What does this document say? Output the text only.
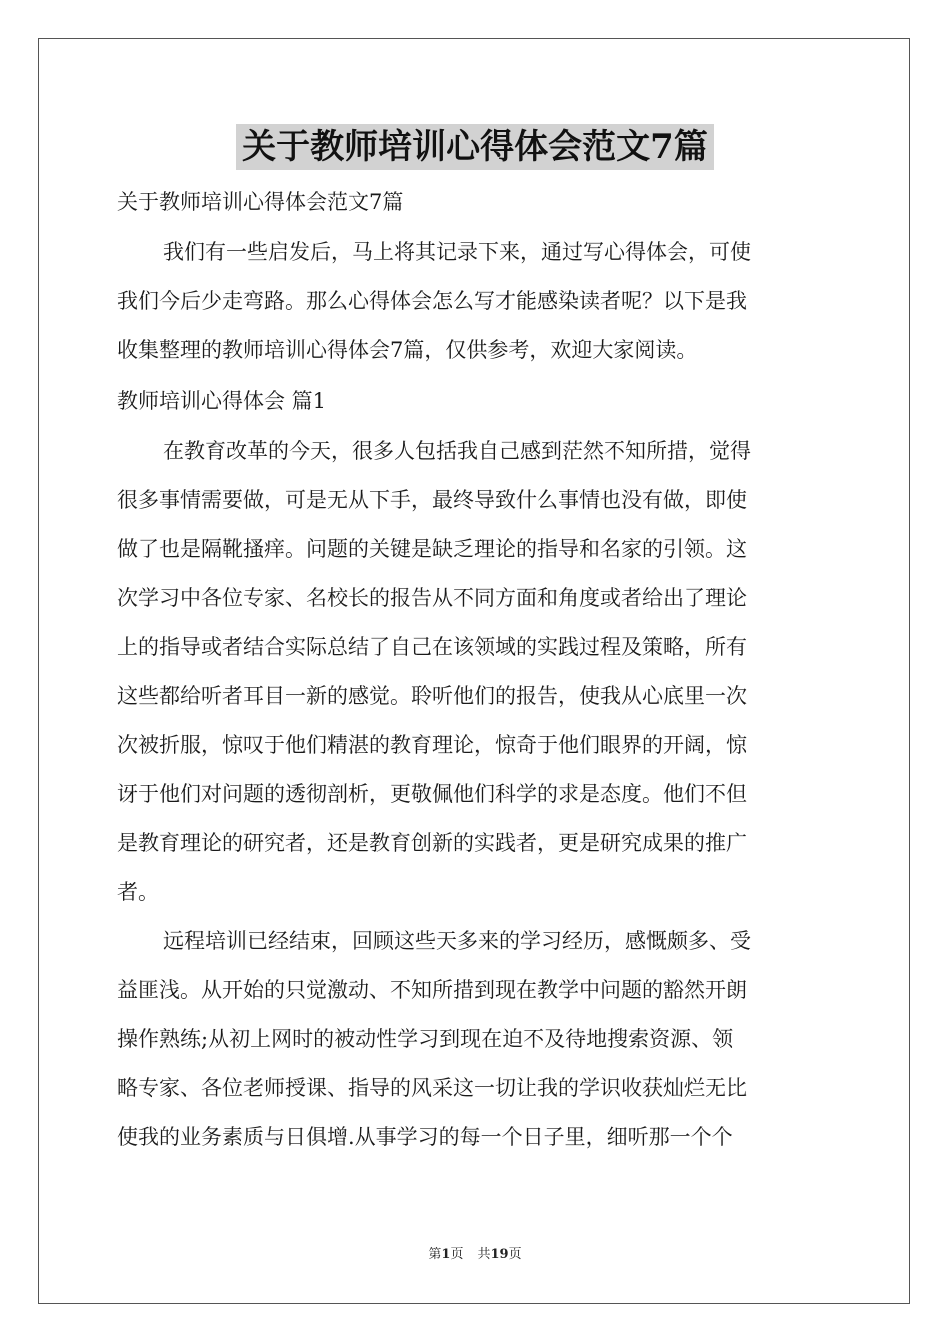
关于教师培训心得体会范文7篇
关于教师培训心得体会范文7篇
我们有一些启发后，马上将其记录下来，通过写心得体会，可使
我们今后少走弯路。那么心得体会怎么写才能感染读者呢？以下是我
收集整理的教师培训心得体会7篇，仅供参考，欢迎大家阅读。
教师培训心得体会 篇1
在教育改革的今天，很多人包括我自己感到茫然不知所措，觉得
很多事情需要做，可是无从下手，最终导致什么事情也没有做，即使
做了也是隔靴搔痒。问题的关键是缺乏理论的指导和名家的引领。这
次学习中各位专家、名校长的报告从不同方面和角度或者给出了理论
上的指导或者结合实际总结了自己在该领域的实践过程及策略，所有
这些都给听者耳目一新的感觉。聆听他们的报告，使我从心底里一次
次被折服，惊叹于他们精湛的教育理论，惊奇于他们眼界的开阔，惊
讶于他们对问题的透彻剖析，更敬佩他们科学的求是态度。他们不但
是教育理论的研究者，还是教育创新的实践者，更是研究成果的推广
者。
远程培训已经结束，回顾这些天多来的学习经历，感慨颇多、受
益匪浅。从开始的只觉激动、不知所措到现在教学中问题的豁然开朗
操作熟练;从初上网时的被动性学习到现在迫不及待地搜索资源、领
略专家、各位老师授课、指导的风采这一切让我的学识收获灿烂无比
使我的业务素质与日俱增.从事学习的每一个日子里，细听那一个个
第1页 共19页
